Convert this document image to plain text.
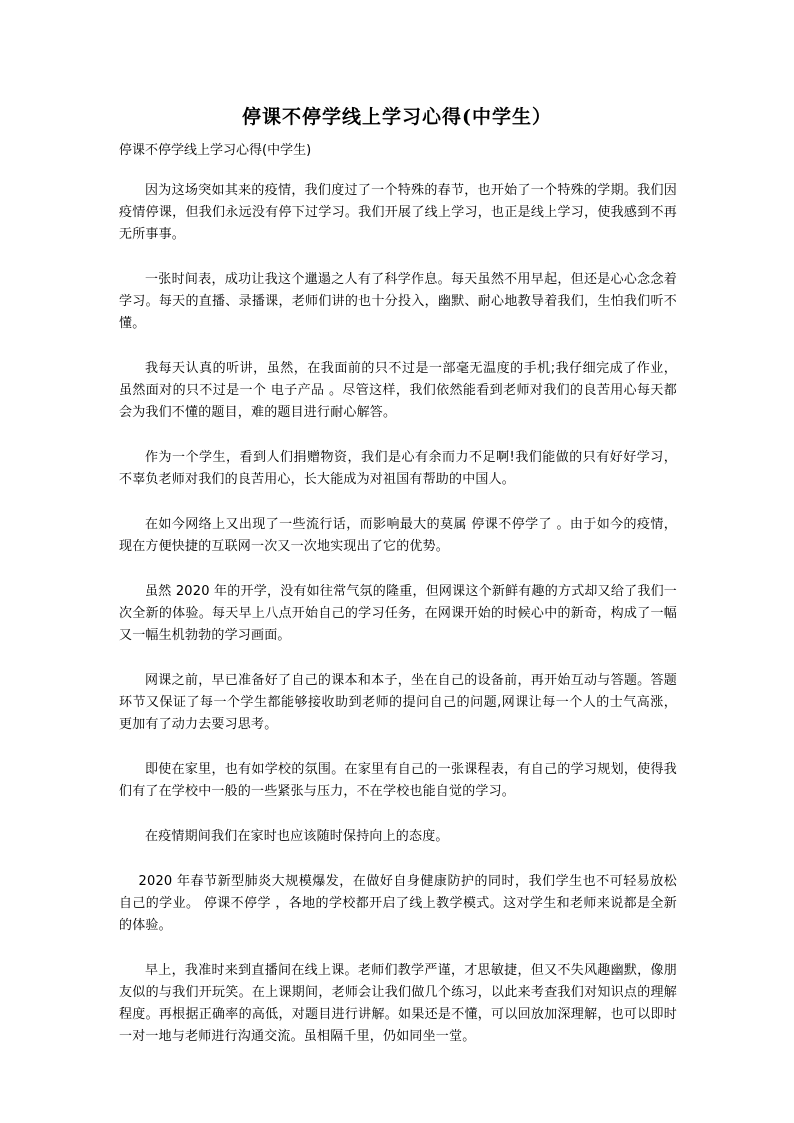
停课不停学线上学习心得(中学生）

停课不停学线上学习心得(中学生)

因为这场突如其来的疫情，我们度过了一个特殊的春节，也开始了一个特殊的学期。我们因疫情停课，但我们永远没有停下过学习。我们开展了线上学习，也正是线上学习，使我感到不再无所事事。

一张时间表，成功让我这个邋遢之人有了科学作息。每天虽然不用早起，但还是心心念念着学习。每天的直播、录播课，老师们讲的也十分投入，幽默、耐心地教导着我们，生怕我们听不懂。

我每天认真的听讲，虽然，在我面前的只不过是一部毫无温度的手机;我仔细完成了作业，虽然面对的只不过是一个 电子产品 。尽管这样，我们依然能看到老师对我们的良苦用心每天都会为我们不懂的题目，难的题目进行耐心解答。

作为一个学生，看到人们捐赠物资，我们是心有余而力不足啊!我们能做的只有好好学习，不辜负老师对我们的良苦用心，长大能成为对祖国有帮助的中国人。

在如今网络上又出现了一些流行话，而影响最大的莫属 停课不停学了 。由于如今的疫情，现在方便快捷的互联网一次又一次地实现出了它的优势。

虽然 2020 年的开学，没有如往常气氛的隆重，但网课这个新鲜有趣的方式却又给了我们一次全新的体验。每天早上八点开始自己的学习任务，在网课开始的时候心中的新奇，构成了一幅又一幅生机勃勃的学习画面。

网课之前，早已准备好了自己的课本和本子，坐在自己的设备前，再开始互动与答题。答题环节又保证了每一个学生都能够接收助到老师的提问自己的问题,网课让每一个人的士气高涨，更加有了动力去要习思考。

即使在家里，也有如学校的氛围。在家里有自己的一张课程表，有自己的学习规划，使得我们有了在学校中一般的一些紧张与压力，不在学校也能自觉的学习。

在疫情期间我们在家时也应该随时保持向上的态度。

2020 年春节新型肺炎大规模爆发，在做好自身健康防护的同时，我们学生也不可轻易放松自己的学业。 停课不停学 ，各地的学校都开启了线上教学模式。这对学生和老师来说都是全新的体验。

早上，我准时来到直播间在线上课。老师们教学严谨，才思敏捷，但又不失风趣幽默，像朋友似的与我们开玩笑。在上课期间，老师会让我们做几个练习，以此来考查我们对知识点的理解程度。再根据正确率的高低，对题目进行讲解。如果还是不懂，可以回放加深理解，也可以即时一对一地与老师进行沟通交流。虽相隔千里，仍如同坐一堂。
